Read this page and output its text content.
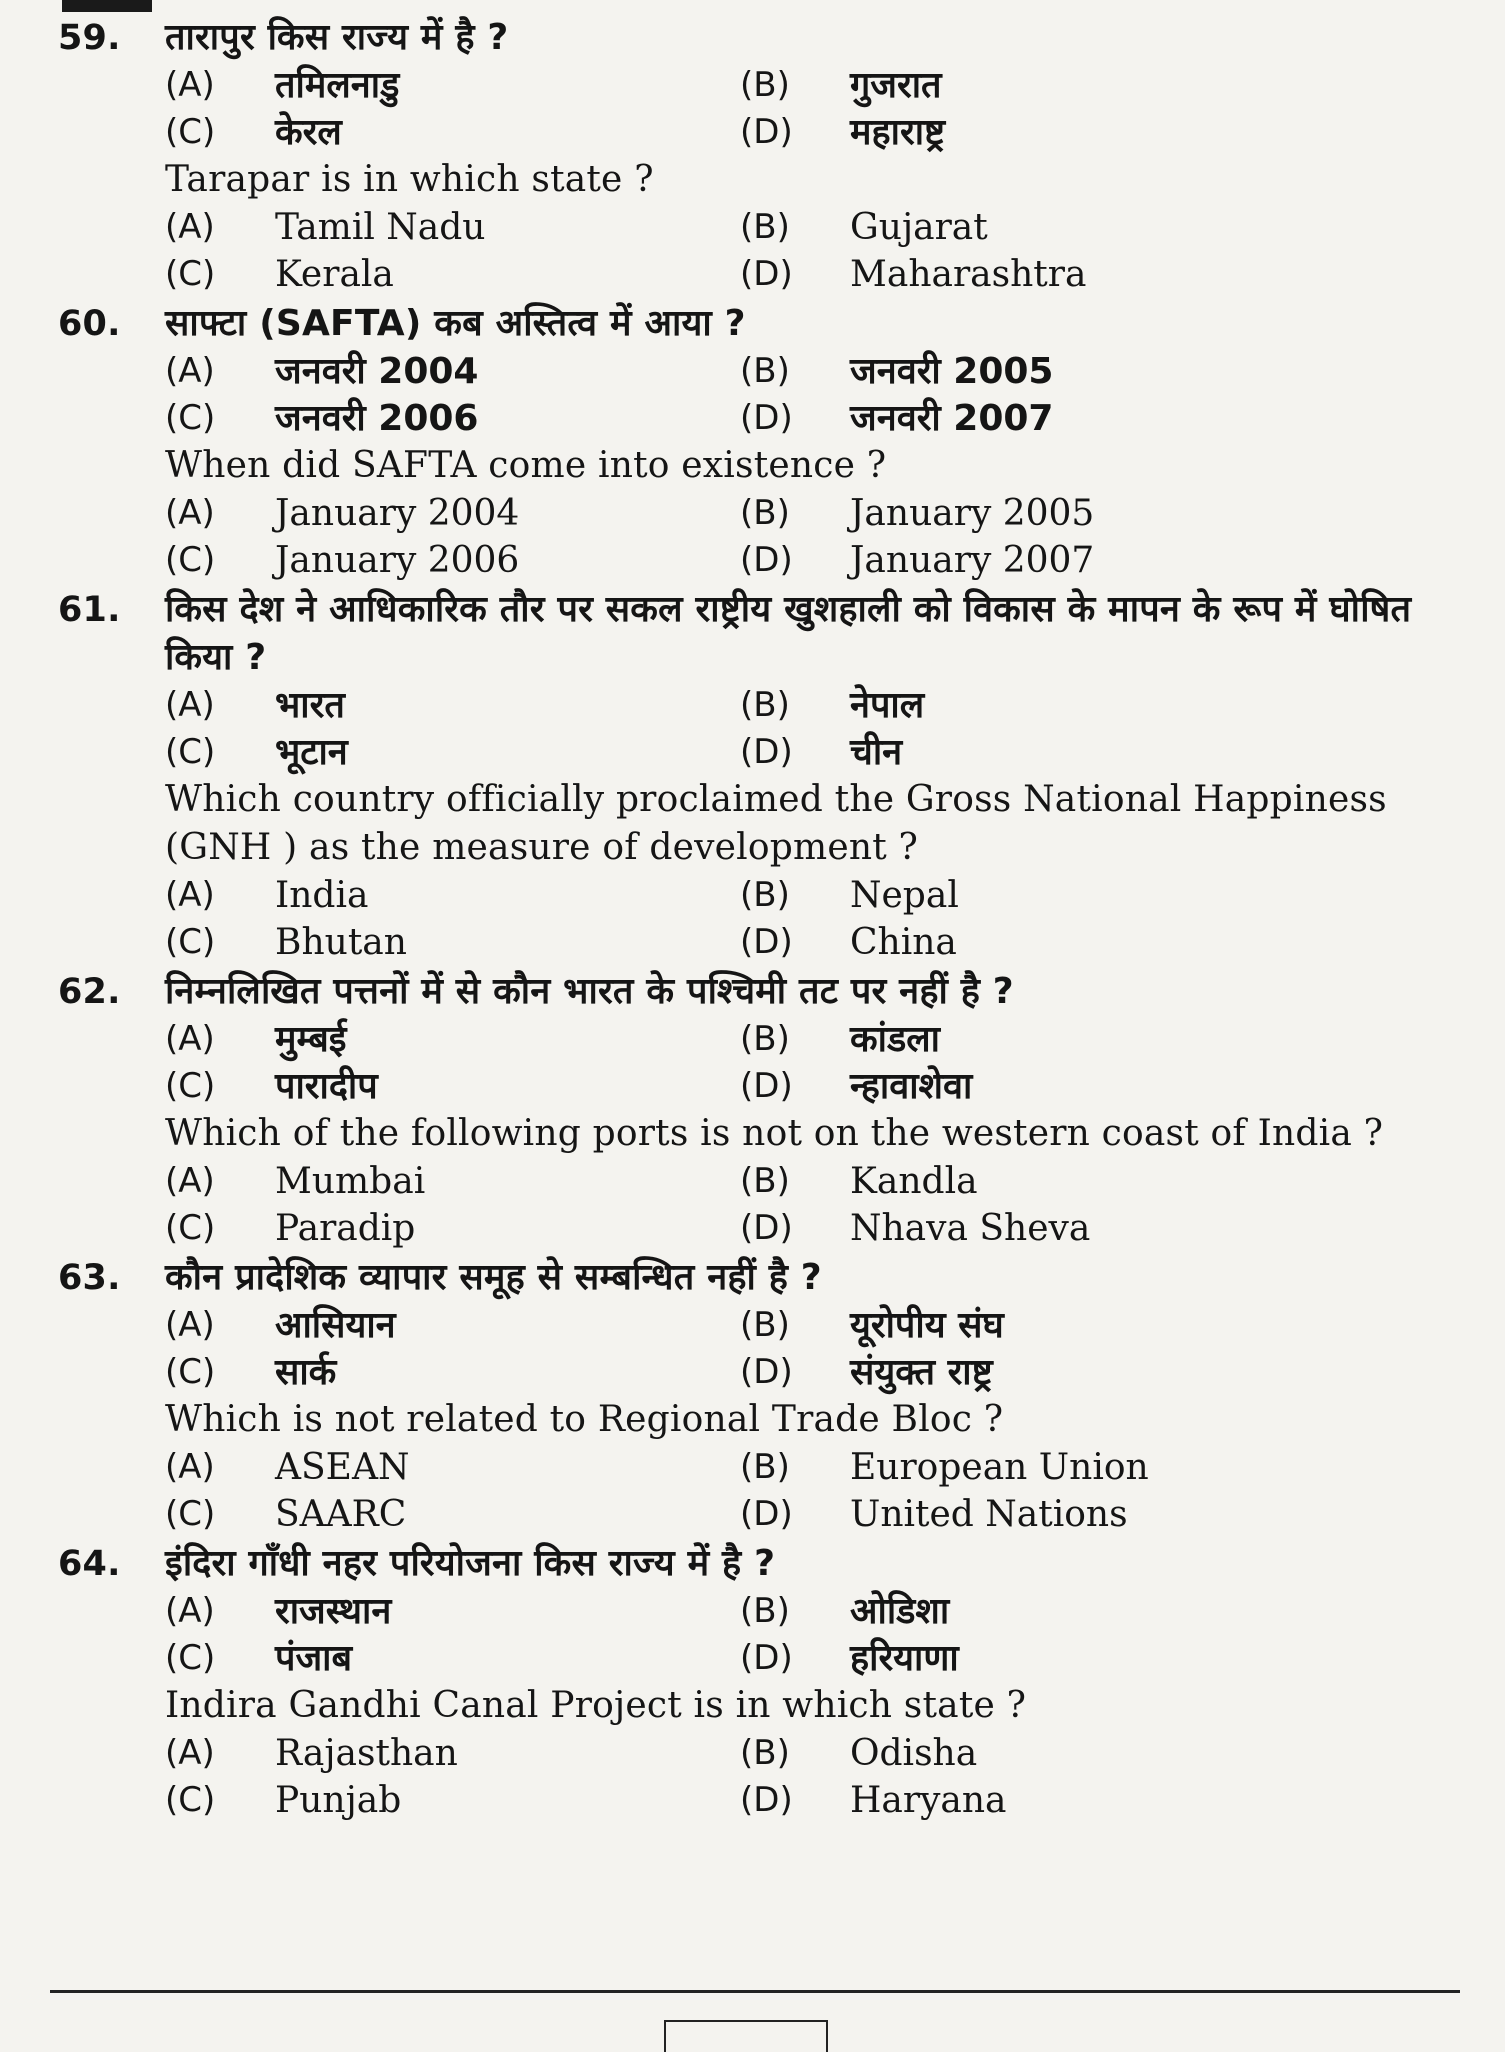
59.	तारापुर किस राज्य में है ?
(A) तमिलनाडु	(B) गुजरात
(C) केरल	(D) महाराष्ट्र
Tarapar is in which state ?
(A) Tamil Nadu	(B) Gujarat
(C) Kerala	(D) Maharashtra
60.	साफ्टा (SAFTA) कब अस्तित्व में आया ?
(A) जनवरी 2004	(B) जनवरी 2005
(C) जनवरी 2006	(D) जनवरी 2007
When did SAFTA come into existence ?
(A) January 2004	(B) January 2005
(C) January 2006	(D) January 2007
61.	किस देश ने आधिकारिक तौर पर सकल राष्ट्रीय खुशहाली को विकास के मापन के रूप में घोषित किया ?
(A) भारत	(B) नेपाल
(C) भूटान	(D) चीन
Which country officially proclaimed the Gross National Happiness (GNH ) as the measure of development ?
(A) India	(B) Nepal
(C) Bhutan	(D) China
62.	निम्नलिखित पत्तनों में से कौन भारत के पश्चिमी तट पर नहीं है ?
(A) मुम्बई	(B) कांडला
(C) पारादीप	(D) न्हावाशेवा
Which of the following ports is not on the western coast of India ?
(A) Mumbai	(B) Kandla
(C) Paradip	(D) Nhava Sheva
63.	कौन प्रादेशिक व्यापार समूह से सम्बन्धित नहीं है ?
(A) आसियान	(B) यूरोपीय संघ
(C) सार्क	(D) संयुक्त राष्ट्र
Which is not related to Regional Trade Bloc ?
(A) ASEAN	(B) European Union
(C) SAARC	(D) United Nations
64.	इंदिरा गाँधी नहर परियोजना किस राज्य में है ?
(A) राजस्थान	(B) ओडिशा
(C) पंजाब	(D) हरियाणा
Indira Gandhi Canal Project is in which state ?
(A) Rajasthan	(B) Odisha
(C) Punjab	(D) Haryana
